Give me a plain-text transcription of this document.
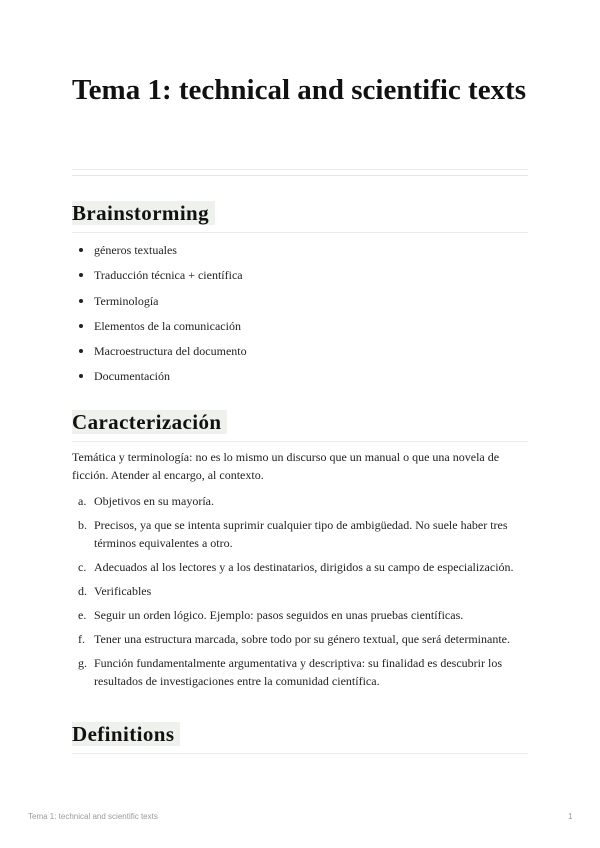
Tema 1: technical and scientific texts
Brainstorming
géneros textuales
Traducción técnica + científica
Terminología
Elementos de la comunicación
Macroestructura del documento
Documentación
Caracterización

Temática y terminología: no es lo mismo un discurso que un manual o que una novela de ficción. Atender al encargo, al contexto.

a. Objetivos en su mayoría.
b. Precisos, ya que se intenta suprimir cualquier tipo de ambigüedad. No suele haber tres términos equivalentes a otro.
c. Adecuados al los lectores y a los destinatarios, dirigidos a su campo de especialización.
d. Verificables
e. Seguir un orden lógico. Ejemplo: pasos seguidos en unas pruebas científicas.
f. Tener una estructura marcada, sobre todo por su género textual, que será determinante.
g. Función fundamentalmente argumentativa y descriptiva: su finalidad es descubrir los resultados de investigaciones entre la comunidad científica.
Definitions
Tema 1: technical and scientific texts	1
